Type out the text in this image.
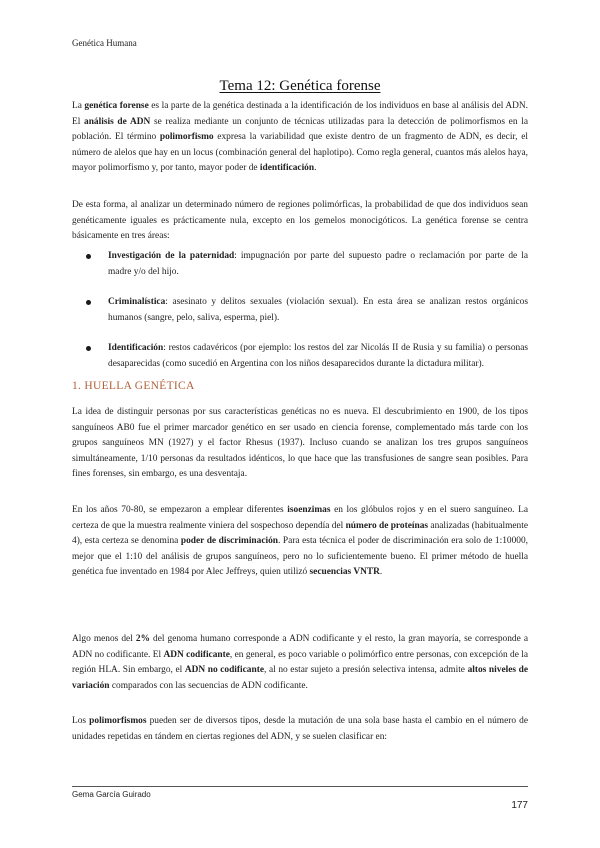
Genética Humana
Tema 12: Genética forense

La genética forense es la parte de la genética destinada a la identificación de los individuos en base al análisis del ADN. El análisis de ADN se realiza mediante un conjunto de técnicas utilizadas para la detección de polimorfismos en la población. El término polimorfismo expresa la variabilidad que existe dentro de un fragmento de ADN, es decir, el número de alelos que hay en un locus (combinación general del haplotipo). Como regla general, cuantos más alelos haya, mayor polimorfismo y, por tanto, mayor poder de identificación.

De esta forma, al analizar un determinado número de regiones polimórficas, la probabilidad de que dos individuos sean genéticamente iguales es prácticamente nula, excepto en los gemelos monocigóticos. La genética forense se centra básicamente en tres áreas:

Investigación de la paternidad: impugnación por parte del supuesto padre o reclamación por parte de la madre y/o del hijo.

Criminalística: asesinato y delitos sexuales (violación sexual). En esta área se analizan restos orgánicos humanos (sangre, pelo, saliva, esperma, piel).

Identificación: restos cadavéricos (por ejemplo: los restos del zar Nicolás II de Rusia y su familia) o personas desaparecidas (como sucedió en Argentina con los niños desaparecidos durante la dictadura militar).

1. HUELLA GENÉTICA

La idea de distinguir personas por sus características genéticas no es nueva. El descubrimiento en 1900, de los tipos sanguíneos AB0 fue el primer marcador genético en ser usado en ciencia forense, complementado más tarde con los grupos sanguíneos MN (1927) y el factor Rhesus (1937). Incluso cuando se analizan los tres grupos sanguíneos simultáneamente, 1/10 personas da resultados idénticos, lo que hace que las transfusiones de sangre sean posibles. Para fines forenses, sin embargo, es una desventaja.

En los años 70-80, se empezaron a emplear diferentes isoenzimas en los glóbulos rojos y en el suero sanguíneo. La certeza de que la muestra realmente viniera del sospechoso dependía del número de proteínas analizadas (habitualmente 4), esta certeza se denomina poder de discriminación. Para esta técnica el poder de discriminación era solo de 1:10000, mejor que el 1:10 del análisis de grupos sanguíneos, pero no lo suficientemente bueno. El primer método de huella genética fue inventado en 1984 por Alec Jeffreys, quien utilizó secuencias VNTR.

Algo menos del 2% del genoma humano corresponde a ADN codificante y el resto, la gran mayoría, se corresponde a ADN no codificante. El ADN codificante, en general, es poco variable o polimórfico entre personas, con excepción de la región HLA. Sin embargo, el ADN no codificante, al no estar sujeto a presión selectiva intensa, admite altos niveles de variación comparados con las secuencias de ADN codificante.

Los polimorfismos pueden ser de diversos tipos, desde la mutación de una sola base hasta el cambio en el número de unidades repetidas en tándem en ciertas regiones del ADN, y se suelen clasificar en:

Gema García Guirado
177
